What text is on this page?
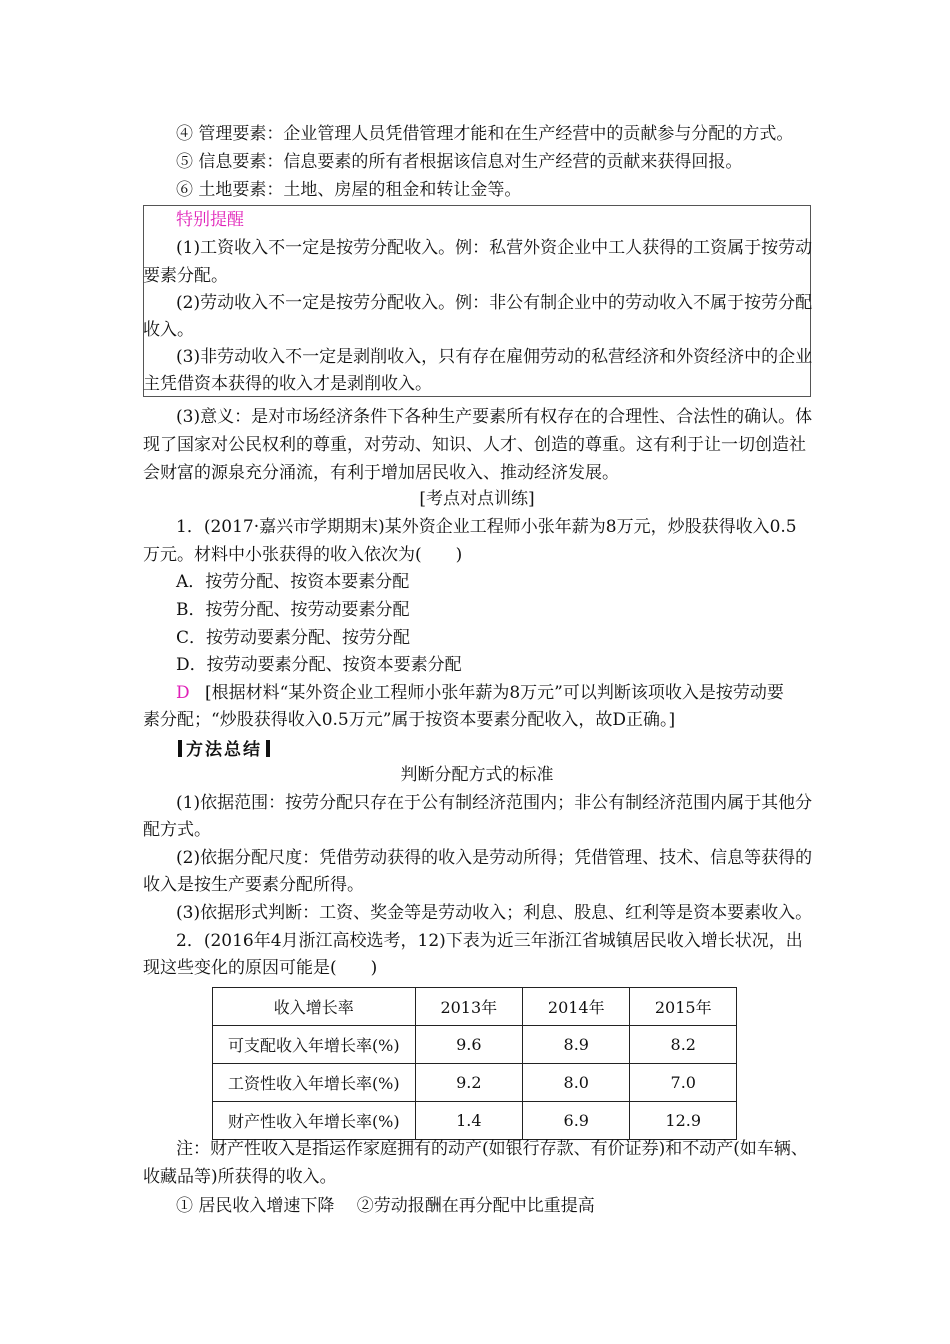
④ 管理要素：企业管理人员凭借管理才能和在生产经营中的贡献参与分配的方式。
⑤ 信息要素：信息要素的所有者根据该信息对生产经营的贡献来获得回报。
⑥ 土地要素：土地、房屋的租金和转让金等。
特别提醒
(1)工资收入不一定是按劳分配收入。例：私营外资企业中工人获得的工资属于按劳动
要素分配。
(2)劳动收入不一定是按劳分配收入。例：非公有制企业中的劳动收入不属于按劳分配
收入。
(3)非劳动收入不一定是剥削收入，只有存在雇佣劳动的私营经济和外资经济中的企业
主凭借资本获得的收入才是剥削收入。
(3)意义：是对市场经济条件下各种生产要素所有权存在的合理性、合法性的确认。体
现了国家对公民权利的尊重，对劳动、知识、人才、创造的尊重。这有利于让一切创造社
会财富的源泉充分涌流，有利于增加居民收入、推动经济发展。
[考点对点训练]
1．(2017·嘉兴市学期期末)某外资企业工程师小张年薪为8万元，炒股获得收入0.5
万元。材料中小张获得的收入依次为(　　)
A．按劳分配、按资本要素分配
B．按劳分配、按劳动要素分配
C．按劳动要素分配、按劳分配
D．按劳动要素分配、按资本要素分配
D [根据材料“某外资企业工程师小张年薪为8万元”可以判断该项收入是按劳动要
素分配；“炒股获得收入0.5万元”属于按资本要素分配收入，故D正确。]
方法总结
判断分配方式的标准
(1)依据范围：按劳分配只存在于公有制经济范围内；非公有制经济范围内属于其他分
配方式。
(2)依据分配尺度：凭借劳动获得的收入是劳动所得；凭借管理、技术、信息等获得的
收入是按生产要素分配所得。
(3)依据形式判断：工资、奖金等是劳动收入；利息、股息、红利等是资本要素收入。
2．(2016年4月浙江高校选考，12)下表为近三年浙江省城镇居民收入增长状况，出
现这些变化的原因可能是(　　)
收入增长率	2013年	2014年	2015年
可支配收入年增长率(%)	9.6	8.9	8.2
工资性收入年增长率(%)	9.2	8.0	7.0
财产性收入年增长率(%)	1.4	6.9	12.9
注：财产性收入是指运作家庭拥有的动产(如银行存款、有价证券)和不动产(如车辆、
收藏品等)所获得的收入。
① 居民收入增速下降　 ②劳动报酬在再分配中比重提高
